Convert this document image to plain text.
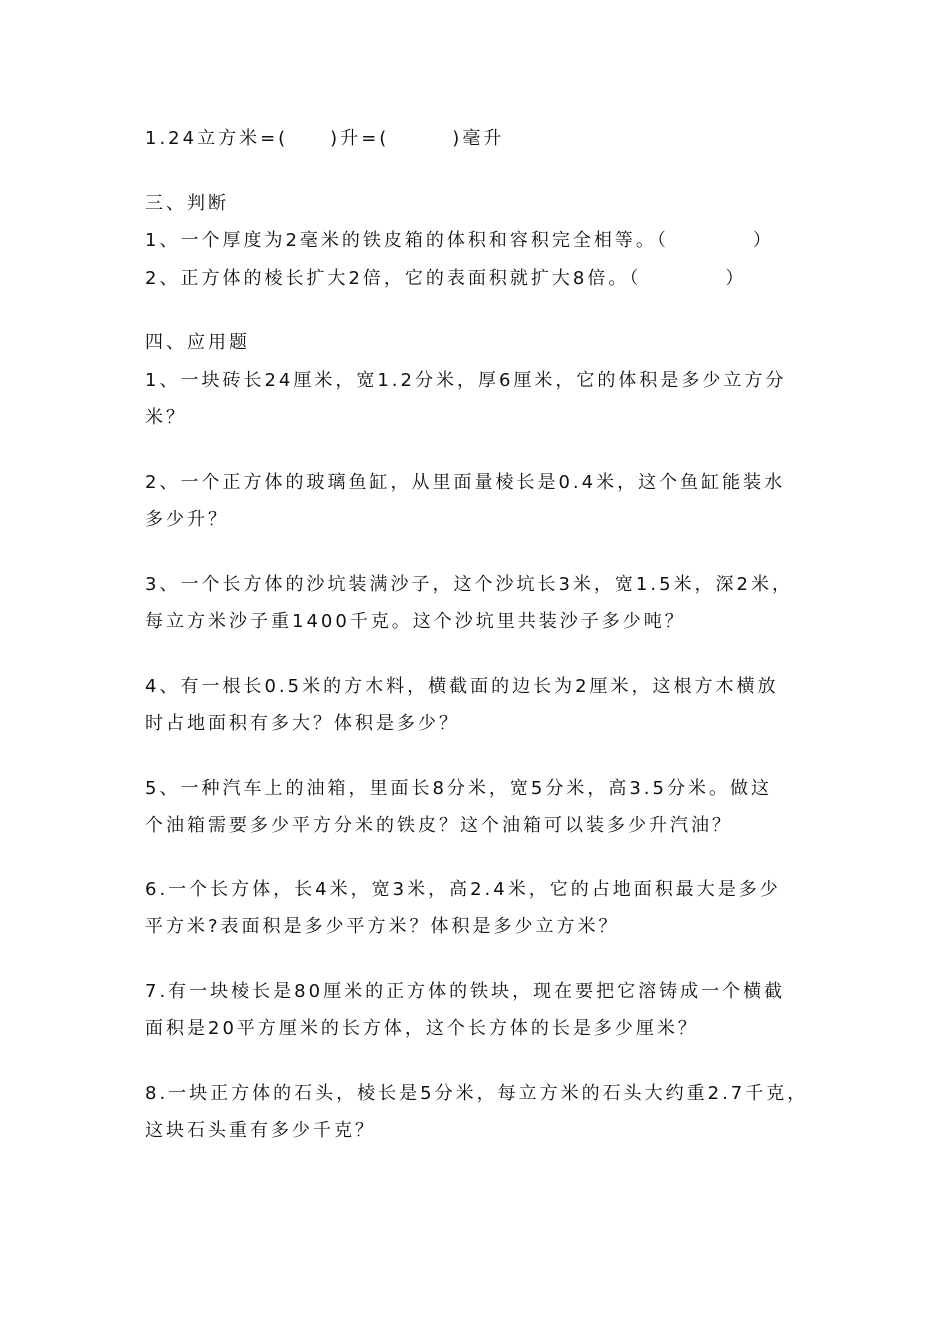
1.24立方米=(　　)升=(　　　)毫升
三、判断
1、一个厚度为2毫米的铁皮箱的体积和容积完全相等。（　　　　）
2、正方体的棱长扩大2倍，它的表面积就扩大8倍。（　　　　）
四、应用题
1、一块砖长24厘米，宽1.2分米，厚6厘米，它的体积是多少立方分
米？
2、一个正方体的玻璃鱼缸，从里面量棱长是0.4米，这个鱼缸能装水
多少升？
3、一个长方体的沙坑装满沙子，这个沙坑长3米，宽1.5米，深2米，
每立方米沙子重1400千克。这个沙坑里共装沙子多少吨？
4、有一根长0.5米的方木料，横截面的边长为2厘米，这根方木横放
时占地面积有多大？体积是多少？
5、一种汽车上的油箱，里面长8分米，宽5分米，高3.5分米。做这
个油箱需要多少平方分米的铁皮？这个油箱可以装多少升汽油？
6.一个长方体，长4米，宽3米，高2.4米，它的占地面积最大是多少
平方米?表面积是多少平方米？体积是多少立方米？
7.有一块棱长是80厘米的正方体的铁块，现在要把它溶铸成一个横截
面积是20平方厘米的长方体，这个长方体的长是多少厘米？
8.一块正方体的石头，棱长是5分米，每立方米的石头大约重2.7千克，
这块石头重有多少千克？
